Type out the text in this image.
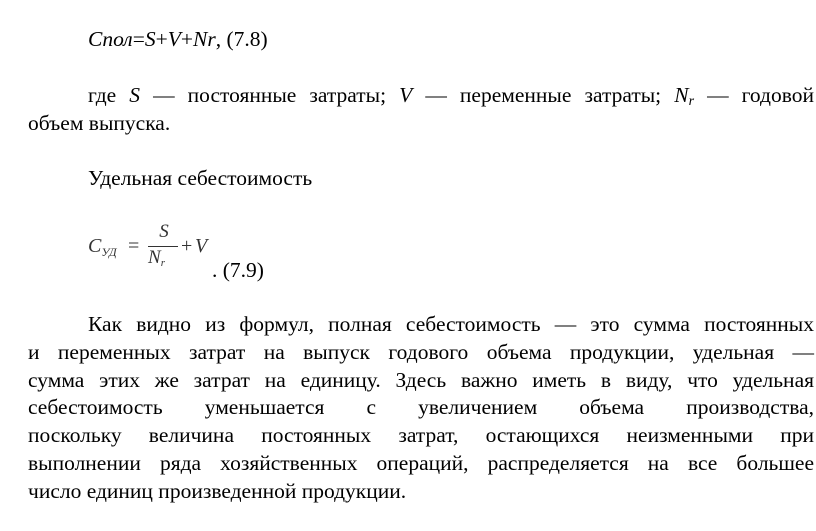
Cпол=S+V+Nr, (7.8)
где S — постоянные затраты; V — переменные затраты; $N_r$ — годовой
объем выпуска.
Удельная себестоимость
$C_{УД}$ =
S
$N_r$
+ V
. (7.9)
Как видно из формул, полная себестоимость — это сумма постоянных
и переменных затрат на выпуск годового объема продукции, удельная —
сумма этих же затрат на единицу. Здесь важно иметь в виду, что удельная
себестоимость уменьшается с увеличением объема производства,
поскольку величина постоянных затрат, остающихся неизменными при
выполнении ряда хозяйственных операций, распределяется на все большее
число единиц произведенной продукции.
